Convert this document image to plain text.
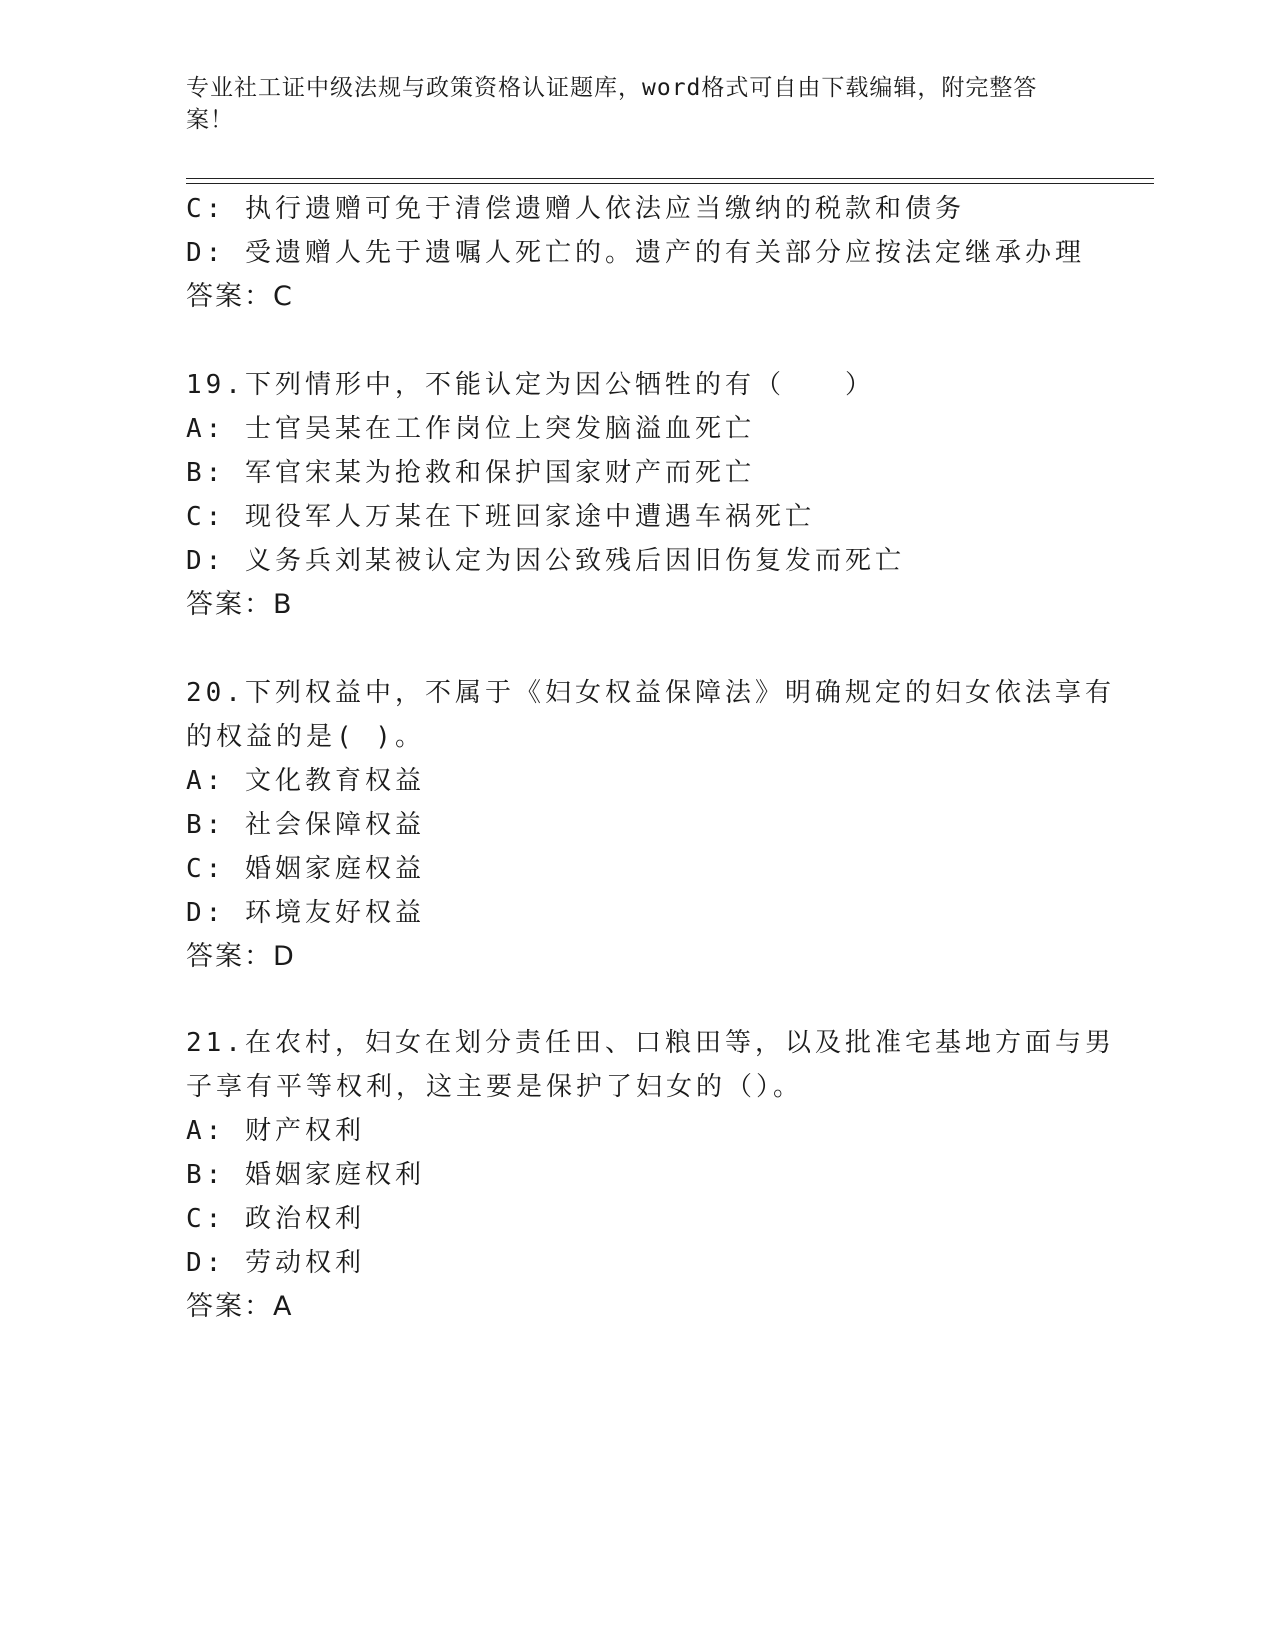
专业社工证中级法规与政策资格认证题库，word格式可自由下载编辑，附完整答案！
C: 执行遗赠可免于清偿遗赠人依法应当缴纳的税款和债务
D: 受遗赠人先于遗嘱人死亡的。遗产的有关部分应按法定继承办理
答案：C
19.下列情形中，不能认定为因公牺牲的有（　　）
A: 士官吴某在工作岗位上突发脑溢血死亡
B: 军官宋某为抢救和保护国家财产而死亡
C: 现役军人万某在下班回家途中遭遇车祸死亡
D: 义务兵刘某被认定为因公致残后因旧伤复发而死亡
答案：B
20.下列权益中，不属于《妇女权益保障法》明确规定的妇女依法享有
的权益的是( )。
A: 文化教育权益
B: 社会保障权益
C: 婚姻家庭权益
D: 环境友好权益
答案：D
21.在农村，妇女在划分责任田、口粮田等，以及批准宅基地方面与男
子享有平等权利，这主要是保护了妇女的（）。
A: 财产权利
B: 婚姻家庭权利
C: 政治权利
D: 劳动权利
答案：A
